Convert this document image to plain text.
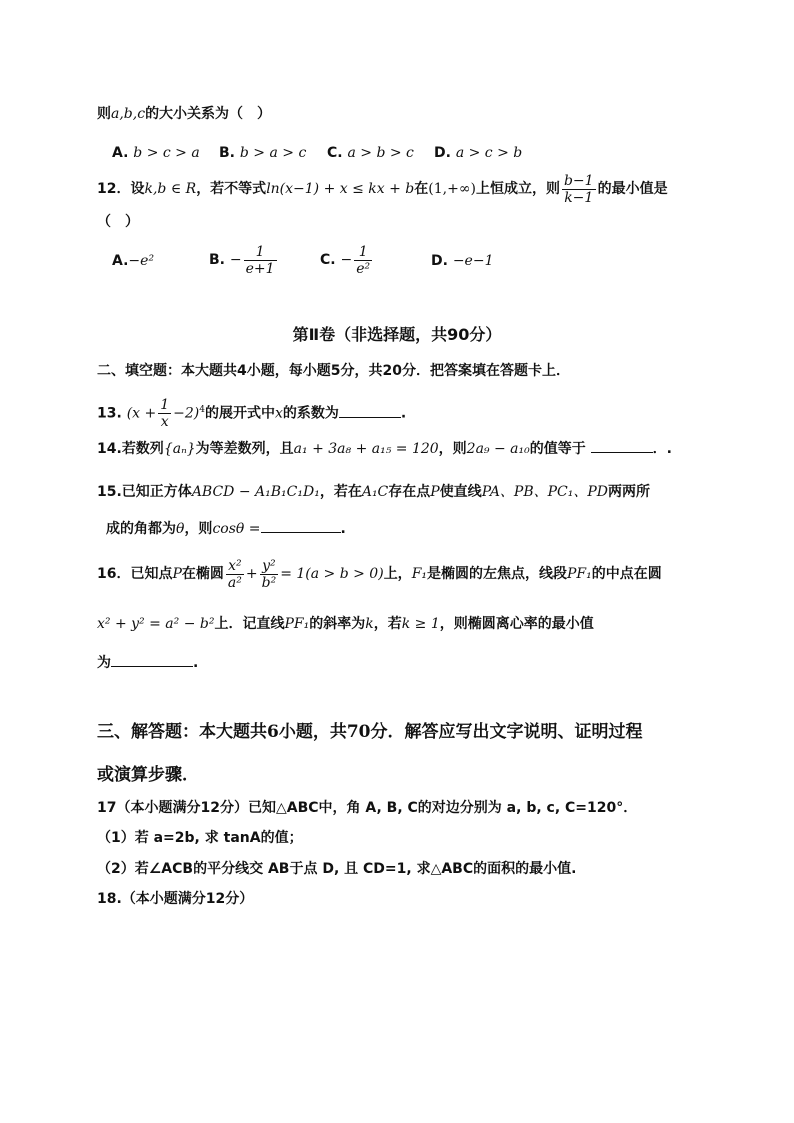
则a,b,c的大小关系为（　）
A. b > c > a B. b > a > c C. a > b > c D. a > c > b
12．设k,b ∈ R，若不等式ln(x−1) + x ≤ kx + b在(1,+∞)上恒成立，则 $\frac{b-1}{k-1}$ 的最小值是
（　）
A.−e²	B. − $\frac{1}{e+1}$	C. − $\frac{1}{\text{e²}}$	D. −e−1
第Ⅱ卷（非选择题，共90分）
二、填空题：本大题共4小题，每小题5分，共20分．把答案填在答题卡上．
13. $(x + \frac{1}{x} -2)^4$的展开式中x的系数为	.
14.若数列{aₙ}为等差数列，且a₁ + 3a₈ + a₁₅ = 120，则2a₉ − a₁₀的值等于	．.
15.已知正方体ABCD − A₁B₁C₁D₁，若在A₁C存在点P使直线PA、PB、PC₁、PD两两所
成的角都为θ，则cosθ =	.
16．已知点P在椭圆 $\frac{\text{x²}}{\text{a²}} + \frac{\text{y²}}{\text{b²}} = 1(a > b > 0)$上，F₁是椭圆的左焦点，线段PF₁的中点在圆
x² + y² = a² − b²上．记直线PF₁的斜率为k，若k ≥ 1，则椭圆离心率的最小值
为	.
三、解答题：本大题共6小题，共70分．解答应写出文字说明、证明过程
或演算步骤．
17（本小题满分12分）已知△ABC中，角 A, B, C的对边分别为 a, b, c, C=120°．
（1）若 a=2b, 求 tanA的值；
（2）若∠ACB的平分线交 AB于点 D, 且 CD=1, 求△ABC的面积的最小值.
18.（本小题满分12分）
